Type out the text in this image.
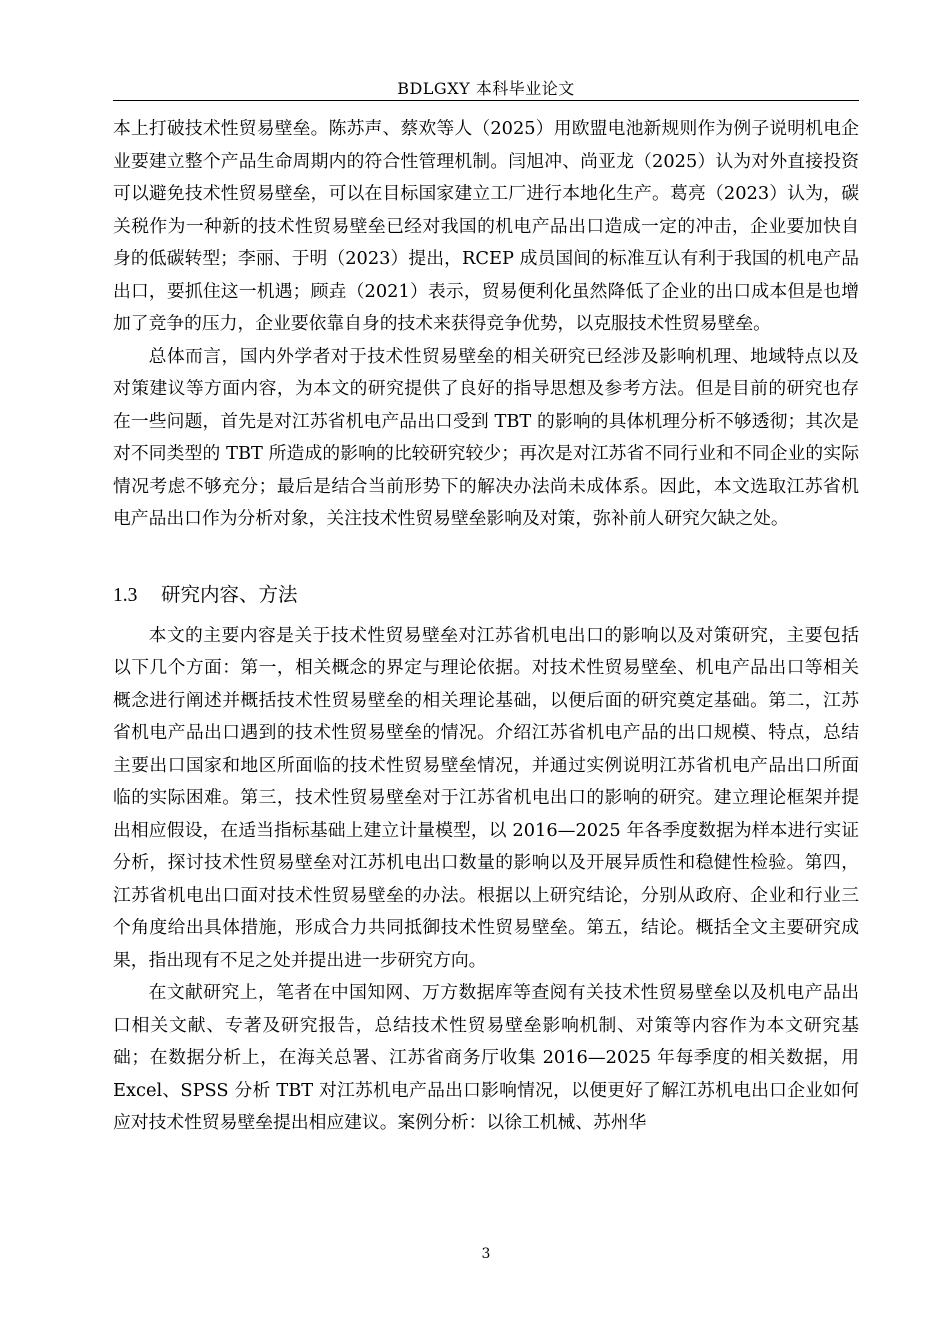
BDLGXY 本科毕业论文

本上打破技术性贸易壁垒。陈苏声、蔡欢等人（2025）用欧盟电池新规则作为例子说明机电企业要建立整个产品生命周期内的符合性管理机制。闫旭冲、尚亚龙（2025）认为对外直接投资可以避免技术性贸易壁垒，可以在目标国家建立工厂进行本地化生产。葛亮（2023）认为，碳关税作为一种新的技术性贸易壁垒已经对我国的机电产品出口造成一定的冲击，企业要加快自身的低碳转型；李丽、于明（2023）提出，RCEP 成员国间的标准互认有利于我国的机电产品出口，要抓住这一机遇；顾垚（2021）表示，贸易便利化虽然降低了企业的出口成本但是也增加了竞争的压力，企业要依靠自身的技术来获得竞争优势，以克服技术性贸易壁垒。

总体而言，国内外学者对于技术性贸易壁垒的相关研究已经涉及影响机理、地域特点以及对策建议等方面内容，为本文的研究提供了良好的指导思想及参考方法。但是目前的研究也存在一些问题，首先是对江苏省机电产品出口受到 TBT 的影响的具体机理分析不够透彻；其次是对不同类型的 TBT 所造成的影响的比较研究较少；再次是对江苏省不同行业和不同企业的实际情况考虑不够充分；最后是结合当前形势下的解决办法尚未成体系。因此，本文选取江苏省机电产品出口作为分析对象，关注技术性贸易壁垒影响及对策，弥补前人研究欠缺之处。

1.3 研究内容、方法

本文的主要内容是关于技术性贸易壁垒对江苏省机电出口的影响以及对策研究，主要包括以下几个方面：第一，相关概念的界定与理论依据。对技术性贸易壁垒、机电产品出口等相关概念进行阐述并概括技术性贸易壁垒的相关理论基础，以便后面的研究奠定基础。第二，江苏省机电产品出口遇到的技术性贸易壁垒的情况。介绍江苏省机电产品的出口规模、特点，总结主要出口国家和地区所面临的技术性贸易壁垒情况，并通过实例说明江苏省机电产品出口所面临的实际困难。第三，技术性贸易壁垒对于江苏省机电出口的影响的研究。建立理论框架并提出相应假设，在适当指标基础上建立计量模型，以 2016—2025 年各季度数据为样本进行实证分析，探讨技术性贸易壁垒对江苏机电出口数量的影响以及开展异质性和稳健性检验。第四，江苏省机电出口面对技术性贸易壁垒的办法。根据以上研究结论，分别从政府、企业和行业三个角度给出具体措施，形成合力共同抵御技术性贸易壁垒。第五，结论。概括全文主要研究成果，指出现有不足之处并提出进一步研究方向。

在文献研究上，笔者在中国知网、万方数据库等查阅有关技术性贸易壁垒以及机电产品出口相关文献、专著及研究报告，总结技术性贸易壁垒影响机制、对策等内容作为本文研究基础；在数据分析上，在海关总署、江苏省商务厅收集 2016—2025 年每季度的相关数据，用 Excel、SPSS 分析 TBT 对江苏机电产品出口影响情况，以便更好了解江苏机电出口企业如何应对技术性贸易壁垒提出相应建议。案例分析：以徐工机械、苏州华

3
